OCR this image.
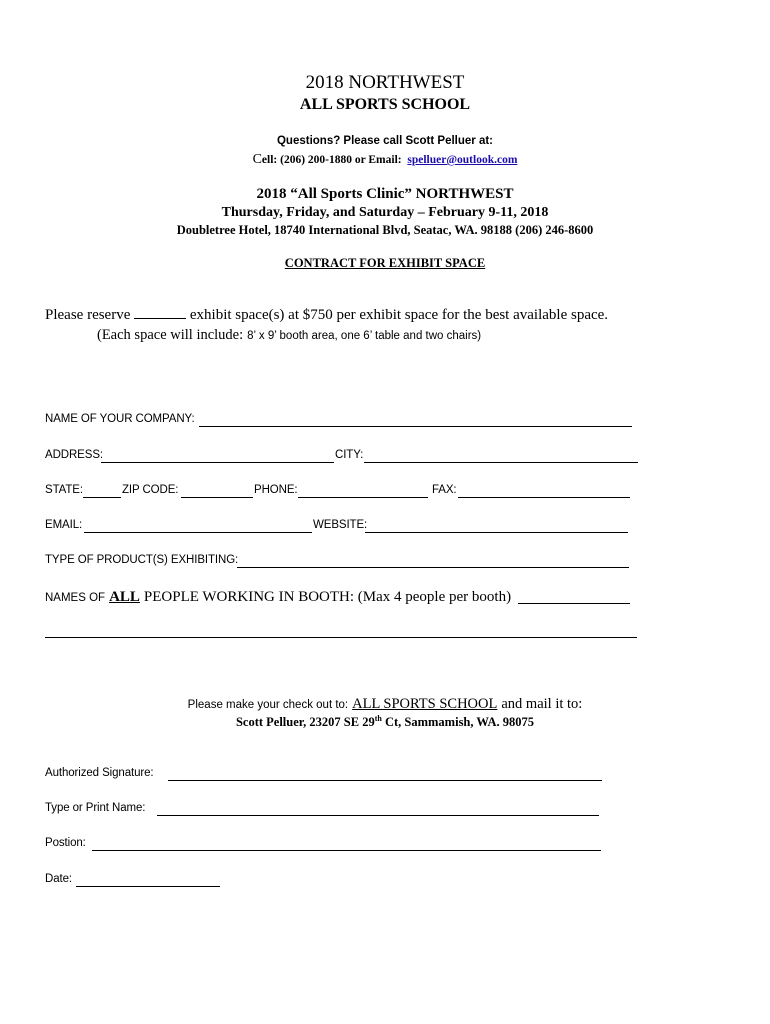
2018 NORTHWEST
ALL SPORTS SCHOOL
Questions? Please call Scott Pelluer at:
Cell: (206) 200-1880 or Email: spelluer@outlook.com
2018 “All Sports Clinic” NORTHWEST
Thursday, Friday, and Saturday – February 9-11, 2018
Doubletree Hotel, 18740 International Blvd, Seatac, WA. 98188 (206) 246-8600
CONTRACT FOR EXHIBIT SPACE
Please reserve	exhibit space(s) at $750 per exhibit space for the best available space.
(Each space will include: 8’ x 9’ booth area, one 6’ table and two chairs)
NAME OF YOUR COMPANY:
ADDRESS:	CITY:
STATE:	ZIP CODE:	PHONE:	FAX:
EMAIL:	WEBSITE:
TYPE OF PRODUCT(S) EXHIBITING:
NAMES OF ALL PEOPLE WORKING IN BOOTH: (Max 4 people per booth)
Please make your check out to: ALL SPORTS SCHOOL and mail it to:
Scott Pelluer, 23207 SE 29th Ct, Sammamish, WA. 98075
Authorized Signature:
Type or Print Name:
Postion:
Date:
